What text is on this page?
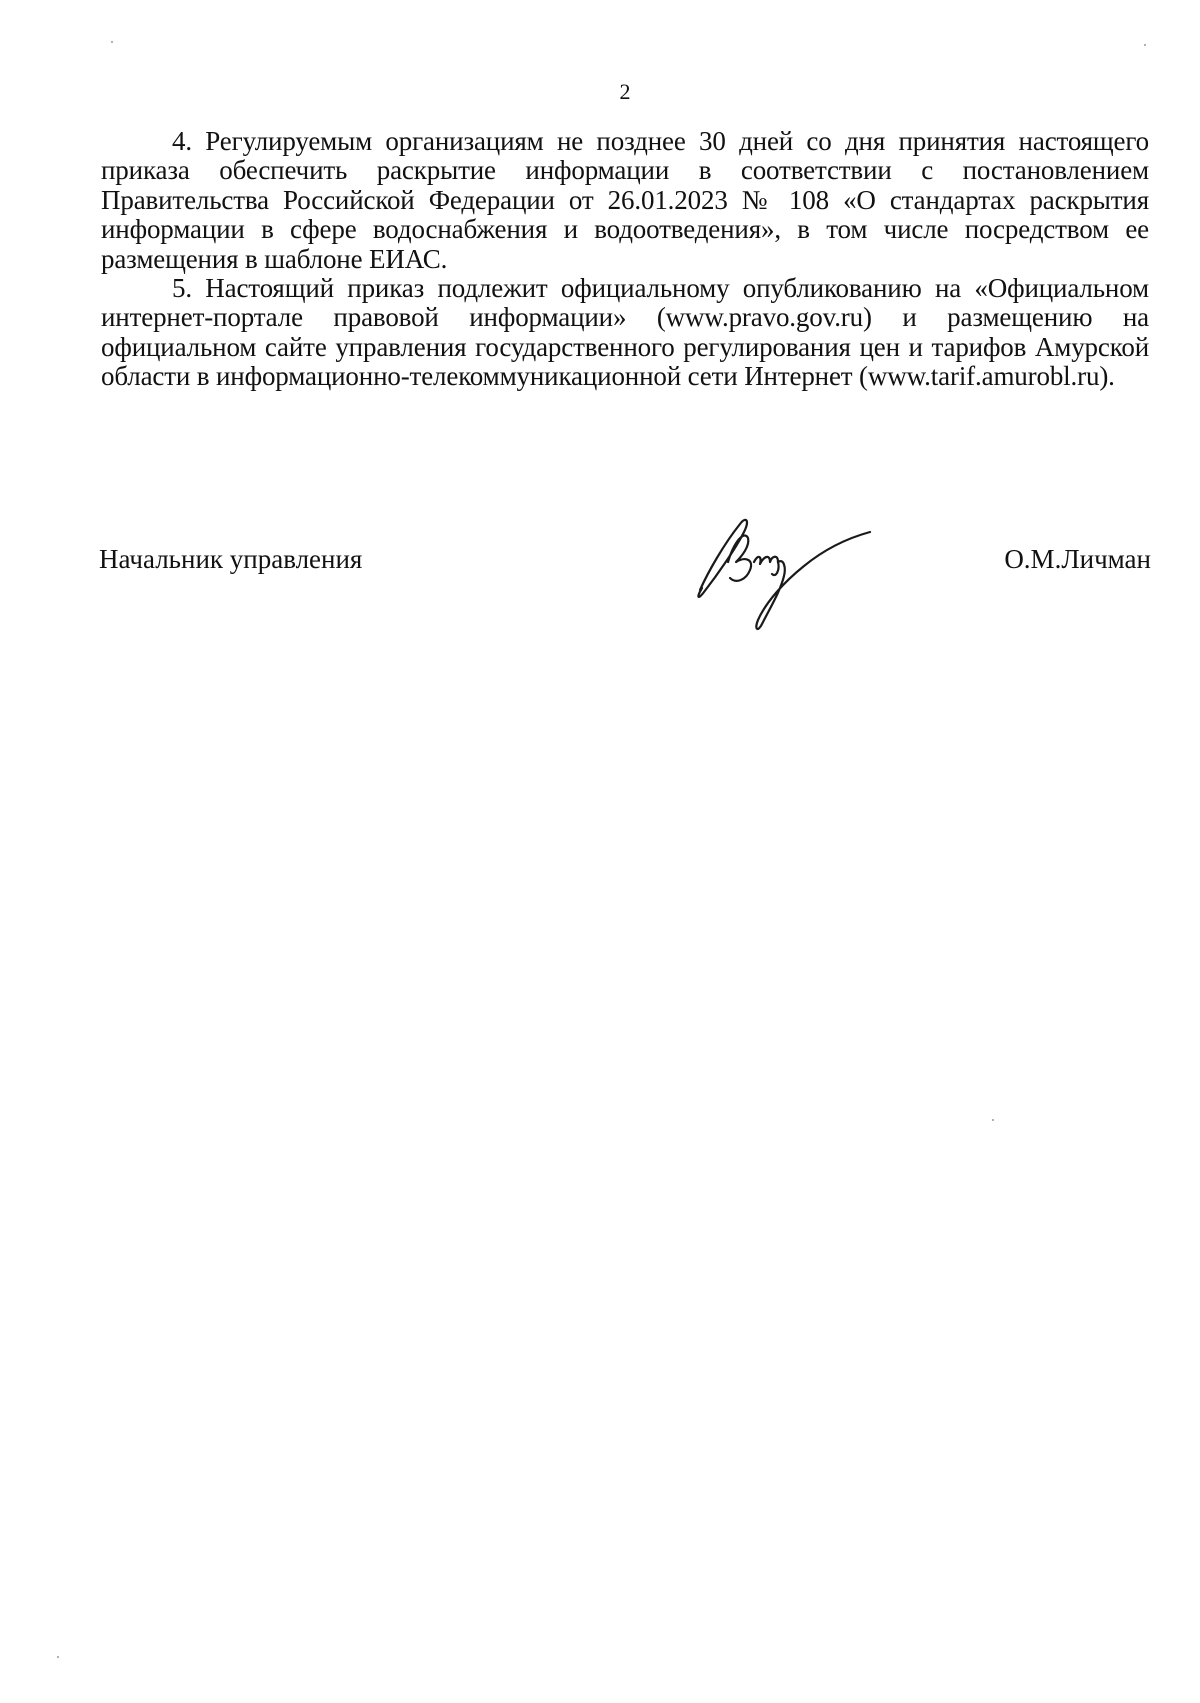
2

4. Регулируемым организациям не позднее 30 дней со дня принятия настоящего приказа обеспечить раскрытие информации в соответствии с постановлением Правительства Российской Федерации от 26.01.2023 № 108 «О стандартах раскрытия информации в сфере водоснабжения и водоотведения», в том числе посредством ее размещения в шаблоне ЕИАС.

5. Настоящий приказ подлежит официальному опубликованию на «Официальном интернет-портале правовой информации» (www.pravo.gov.ru) и размещению на официальном сайте управления государственного регулирования цен и тарифов Амурской области в информационно-телекоммуникационной сети Интернет (www.tarif.amurobl.ru).

Начальник управления	О.М.Личман
